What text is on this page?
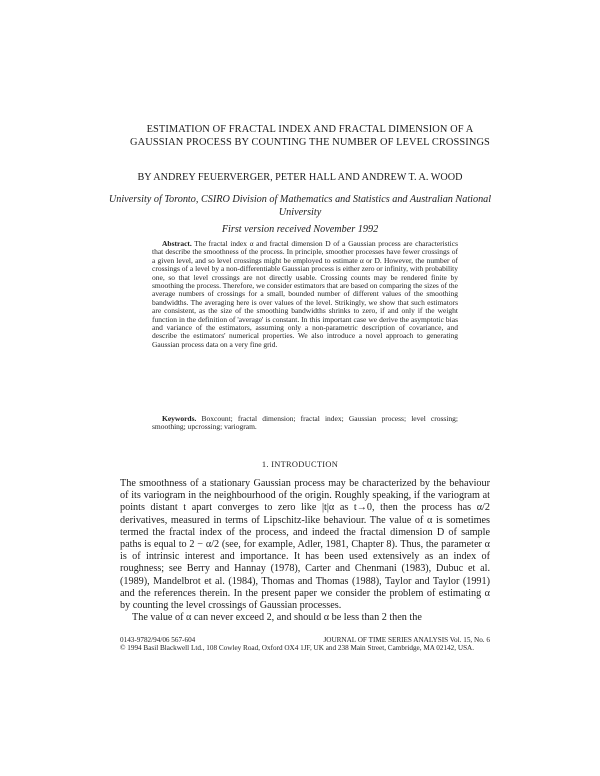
ESTIMATION OF FRACTAL INDEX AND FRACTAL DIMENSION OF A GAUSSIAN PROCESS BY COUNTING THE NUMBER OF LEVEL CROSSINGS
BY ANDREY FEUERVERGER, PETER HALL AND ANDREW T. A. WOOD
University of Toronto, CSIRO Division of Mathematics and Statistics and Australian National University
First version received November 1992
Abstract. The fractal index α and fractal dimension D of a Gaussian process are characteristics that describe the smoothness of the process. In principle, smoother processes have fewer crossings of a given level, and so level crossings might be employed to estimate α or D. However, the number of crossings of a level by a non-differentiable Gaussian process is either zero or infinity, with probability one, so that level crossings are not directly usable. Crossing counts may be rendered finite by smoothing the process. Therefore, we consider estimators that are based on comparing the sizes of the average numbers of crossings for a small, bounded number of different values of the smoothing bandwidths. The averaging here is over values of the level. Strikingly, we show that such estimators are consistent, as the size of the smoothing bandwidths shrinks to zero, if and only if the weight function in the definition of 'average' is constant. In this important case we derive the asymptotic bias and variance of the estimators, assuming only a non-parametric description of covariance, and describe the estimators' numerical properties. We also introduce a novel approach to generating Gaussian process data on a very fine grid.
Keywords. Boxcount; fractal dimension; fractal index; Gaussian process; level crossing; smoothing; upcrossing; variogram.
1. INTRODUCTION

The smoothness of a stationary Gaussian process may be characterized by the behaviour of its variogram in the neighbourhood of the origin. Roughly speaking, if the variogram at points distant t apart converges to zero like |t|α as t→0, then the process has α/2 derivatives, measured in terms of Lipschitz-like behaviour. The value of α is sometimes termed the fractal index of the process, and indeed the fractal dimension D of sample paths is equal to 2 − α/2 (see, for example, Adler, 1981, Chapter 8). Thus, the parameter α is of intrinsic interest and importance. It has been used extensively as an index of roughness; see Berry and Hannay (1978), Carter and Chenmani (1983), Dubuc et al. (1989), Mandelbrot et al. (1984), Thomas and Thomas (1988), Taylor and Taylor (1991) and the references therein. In the present paper we consider the problem of estimating α by counting the level crossings of Gaussian processes.

The value of α can never exceed 2, and should α be less than 2 then the

0143-9782/94/06 567-604	JOURNAL OF TIME SERIES ANALYSIS Vol. 15, No. 6
© 1994 Basil Blackwell Ltd., 108 Cowley Road, Oxford OX4 1JF, UK and 238 Main Street, Cambridge, MA 02142, USA.
